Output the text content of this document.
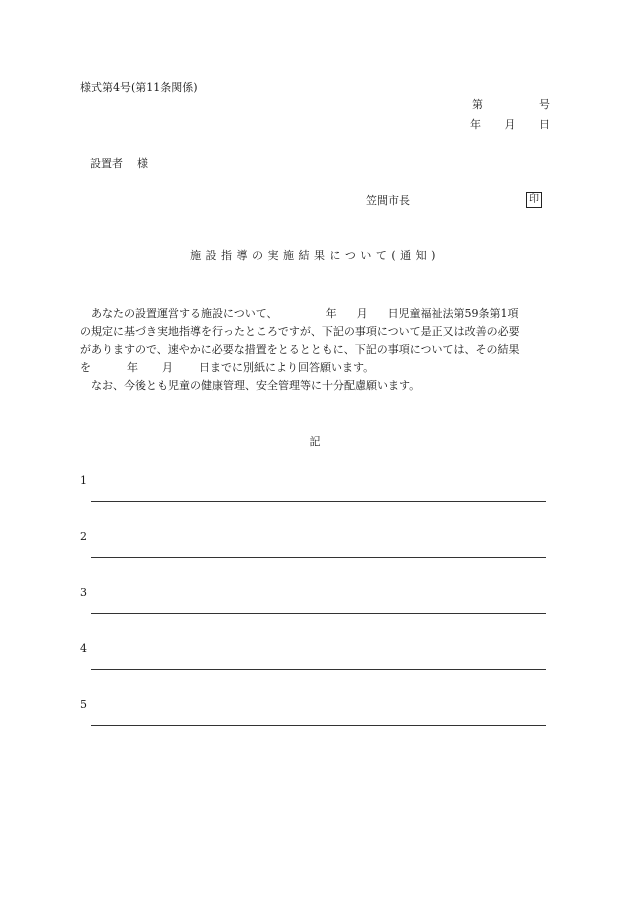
様式第4号(第11条関係)
第	号
年 月 日
設置者 様
笠間市長	印
施設指導の実施結果について(通知)

あなたの設置運営する施設について、	年 月 日児童福祉法第59条第1項

の規定に基づき実地指導を行ったところですが、下記の事項について是正又は改善の必要

がありますので、速やかに必要な措置をとるとともに、下記の事項については、その結果

を	年 月 日までに別紙により回答願います。

なお、今後とも児童の健康管理、安全管理等に十分配慮願います。

記
1
2
3
4
5
